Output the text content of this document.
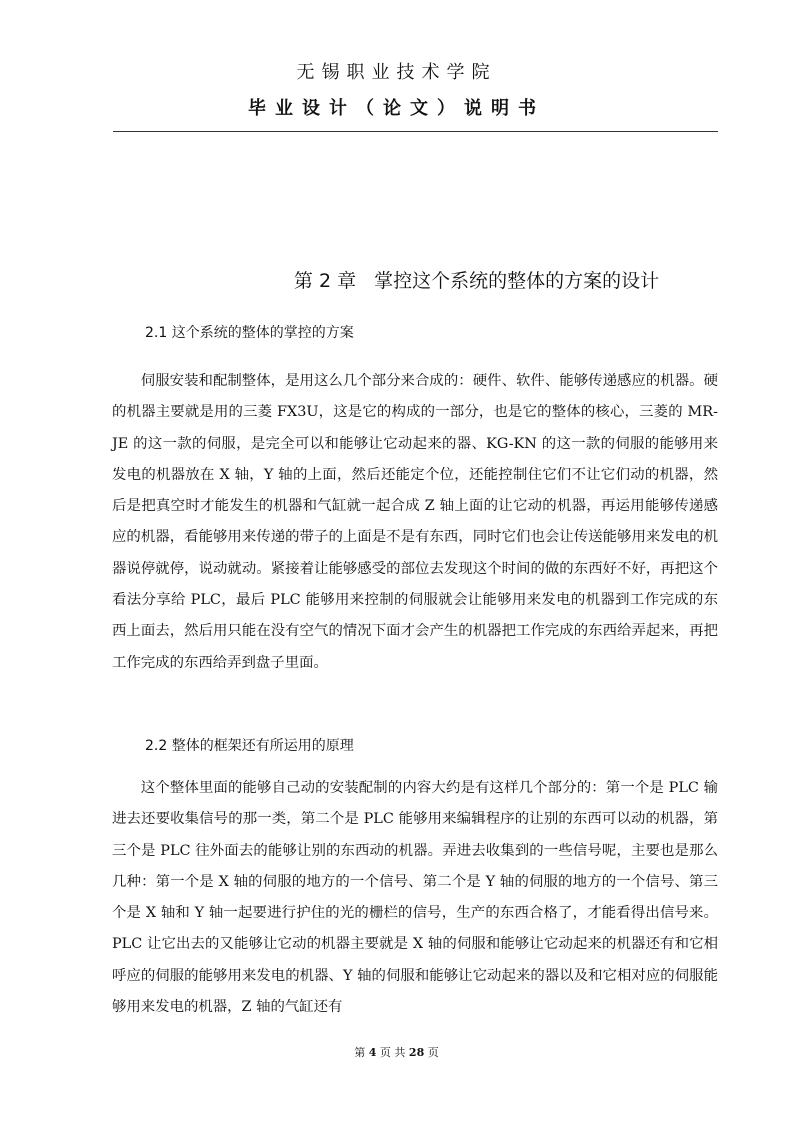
无锡职业技术学院
毕业设计（论文）说明书
第 2 章 掌控这个系统的整体的方案的设计
2.1 这个系统的整体的掌控的方案

伺服安装和配制整体，是用这么几个部分来合成的：硬件、软件、能够传递感应的机器。硬的机器主要就是用的三菱 FX3U，这是它的构成的一部分，也是它的整体的核心，三菱的 MR- JE 的这一款的伺服，是完全可以和能够让它动起来的器、KG-KN 的这一款的伺服的能够用来发电的机器放在 X 轴，Y 轴的上面，然后还能定个位，还能控制住它们不让它们动的机器，然后是把真空时才能发生的机器和气缸就一起合成 Z 轴上面的让它动的机器，再运用能够传递感应的机器，看能够用来传递的带子的上面是不是有东西，同时它们也会让传送能够用来发电的机器说停就停，说动就动。紧接着让能够感受的部位去发现这个时间的做的东西好不好，再把这个看法分享给 PLC，最后 PLC 能够用来控制的伺服就会让能够用来发电的机器到工作完成的东西上面去，然后用只能在没有空气的情况下面才会产生的机器把工作完成的东西给弄起来，再把工作完成的东西给弄到盘子里面。

2.2 整体的框架还有所运用的原理

这个整体里面的能够自己动的安装配制的内容大约是有这样几个部分的：第一个是 PLC 输进去还要收集信号的那一类，第二个是 PLC 能够用来编辑程序的让别的东西可以动的机器，第三个是 PLC 往外面去的能够让别的东西动的机器。弄进去收集到的一些信号呢，主要也是那么几种：第一个是 X 轴的伺服的地方的一个信号、第二个是 Y 轴的伺服的地方的一个信号、第三个是 X 轴和 Y 轴一起要进行护住的光的栅栏的信号，生产的东西合格了，才能看得出信号来。PLC 让它出去的又能够让它动的机器主要就是 X 轴的伺服和能够让它动起来的机器还有和它相呼应的伺服的能够用来发电的机器、Y 轴的伺服和能够让它动起来的器以及和它相对应的伺服能够用来发电的机器，Z 轴的气缸还有

第 4 页 共 28 页
